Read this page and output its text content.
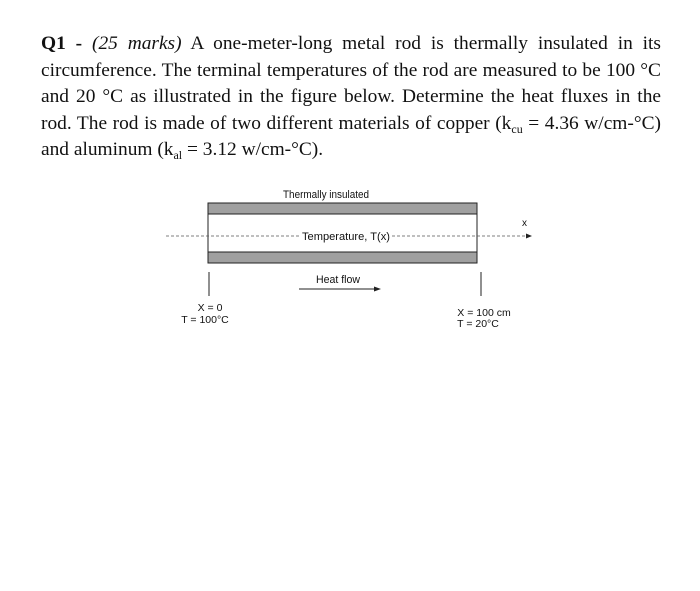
Q1 - (25 marks) A one-meter-long metal rod is thermally insulated in its circumference. The terminal temperatures of the rod are measured to be 100 °C and 20 °C as illustrated in the figure below. Determine the heat fluxes in the rod. The rod is made of two different materials of copper ($k_{cu} = 4.36$ w/cm-°C) and aluminum ($k_{al} = 3.12$ w/cm-°C).
Thermally insulated
x
Temperature, T(x)
Heat flow
X = 0
T = 100°C
X = 100 cm
T = 20°C
